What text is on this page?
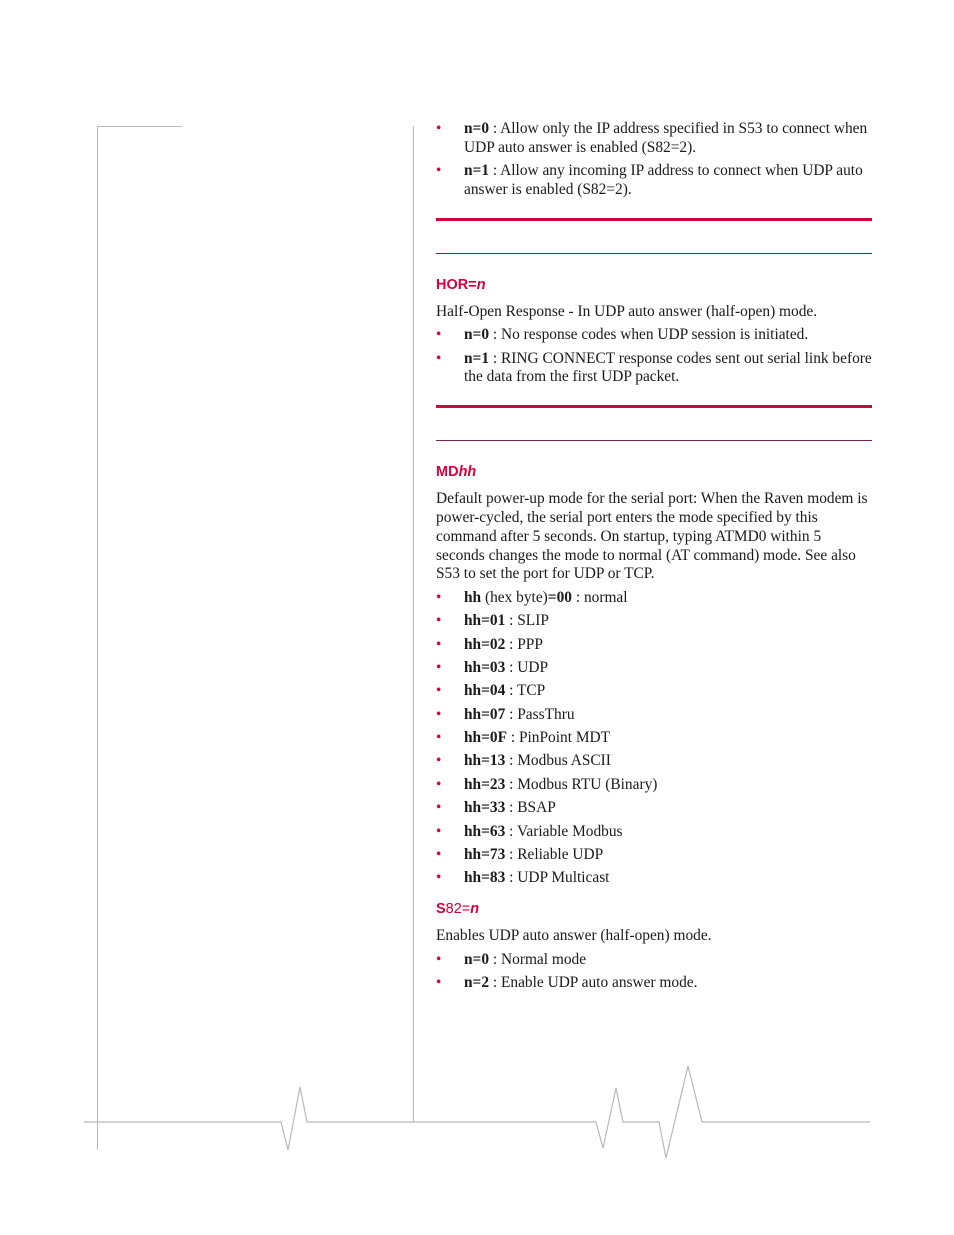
• n=0 : Allow only the IP address specified in S53 to connect when UDP auto answer is enabled (S82=2).
• n=1 : Allow any incoming IP address to connect when UDP auto answer is enabled (S82=2).
HOR=n

Half-Open Response - In UDP auto answer (half-open) mode.

• n=0 : No response codes when UDP session is initiated.
• n=1 : RING CONNECT response codes sent out serial link before the data from the first UDP packet.
MDhh

Default power-up mode for the serial port: When the Raven modem is power-cycled, the serial port enters the mode specified by this command after 5 seconds. On startup, typing ATMD0 within 5 seconds changes the mode to normal (AT command) mode. See also S53 to set the port for UDP or TCP.

• hh (hex byte)=00 : normal
• hh=01 : SLIP
• hh=02 : PPP
• hh=03 : UDP
• hh=04 : TCP
• hh=07 : PassThru
• hh=0F : PinPoint MDT
• hh=13 : Modbus ASCII
• hh=23 : Modbus RTU (Binary)
• hh=33 : BSAP
• hh=63 : Variable Modbus
• hh=73 : Reliable UDP
• hh=83 : UDP Multicast
S82=n

Enables UDP auto answer (half-open) mode.

• n=0 : Normal mode
• n=2 : Enable UDP auto answer mode.
